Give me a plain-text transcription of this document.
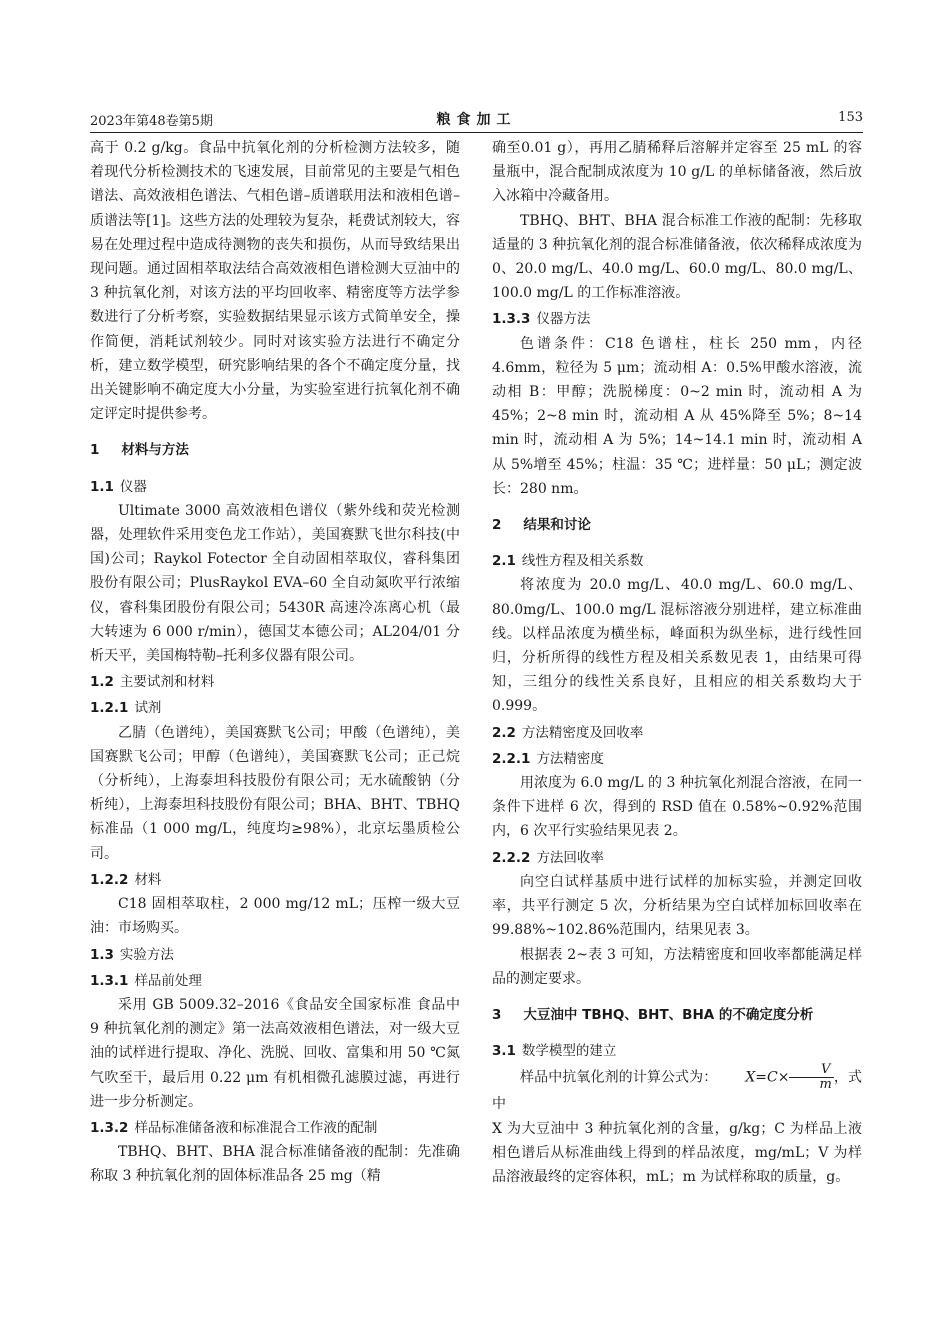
2023年第48卷第5期	粮食加工	153

高于 0.2 g/kg。食品中抗氧化剂的分析检测方法较多，随着现代分析检测技术的飞速发展，目前常见的主要是气相色谱法、高效液相色谱法、气相色谱–质谱联用法和液相色谱–质谱法等[1]。这些方法的处理较为复杂，耗费试剂较大，容易在处理过程中造成待测物的丧失和损伤，从而导致结果出现问题。通过固相萃取法结合高效液相色谱检测大豆油中的 3 种抗氧化剂，对该方法的平均回收率、精密度等方法学参数进行了分析考察，实验数据结果显示该方式简单安全，操作简便，消耗试剂较少。同时对该实验方法进行不确定分析，建立数学模型，研究影响结果的各个不确定度分量，找出关键影响不确定度大小分量，为实验室进行抗氧化剂不确定评定时提供参考。

1 材料与方法
1.1 仪器

Ultimate 3000 高效液相色谱仪（紫外线和荧光检测器，处理软件采用变色龙工作站），美国赛默飞世尔科技(中国)公司；Raykol Fotector 全自动固相萃取仪，睿科集团股份有限公司；PlusRaykol EVA–60 全自动氮吹平行浓缩仪，睿科集团股份有限公司；5430R 高速冷冻离心机（最大转速为 6 000 r/min），德国艾本德公司；AL204/01 分析天平，美国梅特勒–托利多仪器有限公司。

1.2 主要试剂和材料
1.2.1 试剂

乙腈（色谱纯），美国赛默飞公司；甲酸（色谱纯），美国赛默飞公司；甲醇（色谱纯），美国赛默飞公司；正己烷（分析纯），上海泰坦科技股份有限公司；无水硫酸钠（分析纯），上海泰坦科技股份有限公司；BHA、BHT、TBHQ 标准品（1 000 mg/L，纯度均≥98%），北京坛墨质检公司。

1.2.2 材料

C18 固相萃取柱，2 000 mg/12 mL；压榨一级大豆油：市场购买。

1.3 实验方法
1.3.1 样品前处理

采用 GB 5009.32–2016《食品安全国家标准 食品中 9 种抗氧化剂的测定》第一法高效液相色谱法，对一级大豆油的试样进行提取、净化、洗脱、回收、富集和用 50 ℃氮气吹至干，最后用 0.22 μm 有机相微孔滤膜过滤，再进行进一步分析测定。

1.3.2 样品标准储备液和标准混合工作液的配制

TBHQ、BHT、BHA 混合标准储备液的配制：先准确称取 3 种抗氧化剂的固体标准品各 25 mg（精

确至0.01 g），再用乙腈稀释后溶解并定容至 25 mL 的容量瓶中，混合配制成浓度为 10 g/L 的单标储备液，然后放入冰箱中冷藏备用。

TBHQ、BHT、BHA 混合标准工作液的配制：先移取适量的 3 种抗氧化剂的混合标准储备液，依次稀释成浓度为 0、20.0 mg/L、40.0 mg/L、60.0 mg/L、80.0 mg/L、100.0 mg/L 的工作标准溶液。

1.3.3 仪器方法

色谱条件：C18 色谱柱，柱长 250 mm，内径 4.6mm，粒径为 5 μm；流动相 A：0.5%甲酸水溶液，流动相 B：甲醇；洗脱梯度：0~2 min 时，流动相 A 为 45%；2~8 min 时，流动相 A 从 45%降至 5%；8~14 min 时，流动相 A 为 5%；14~14.1 min 时，流动相 A 从 5%增至 45%；柱温：35 ℃；进样量：50 μL；测定波长：280 nm。

2 结果和讨论
2.1 线性方程及相关系数

将浓度为 20.0 mg/L、40.0 mg/L、60.0 mg/L、80.0mg/L、100.0 mg/L 混标溶液分别进样，建立标准曲线。以样品浓度为横坐标，峰面积为纵坐标，进行线性回归，分析所得的线性方程及相关系数见表 1，由结果可得知，三组分的线性关系良好，且相应的相关系数均大于 0.999。

2.2 方法精密度及回收率
2.2.1 方法精密度

用浓度为 6.0 mg/L 的 3 种抗氧化剂混合溶液，在同一条件下进样 6 次，得到的 RSD 值在 0.58%~0.92%范围内，6 次平行实验结果见表 2。

2.2.2 方法回收率

向空白试样基质中进行试样的加标实验，并测定回收率，共平行测定 5 次，分析结果为空白试样加标回收率在 99.88%~102.86%范围内，结果见表 3。

根据表 2~表 3 可知，方法精密度和回收率都能满足样品的测定要求。

3 大豆油中 TBHQ、BHT、BHA 的不确定度分析
3.1 数学模型的建立

样品中抗氧化剂的计算公式为： $X=C\times \frac{V}{m}$ ，式中

X 为大豆油中 3 种抗氧化剂的含量，g/kg；C 为样品上液相色谱后从标准曲线上得到的样品浓度，mg/mL；V 为样品溶液最终的定容体积，mL；m 为试样称取的质量，g。
